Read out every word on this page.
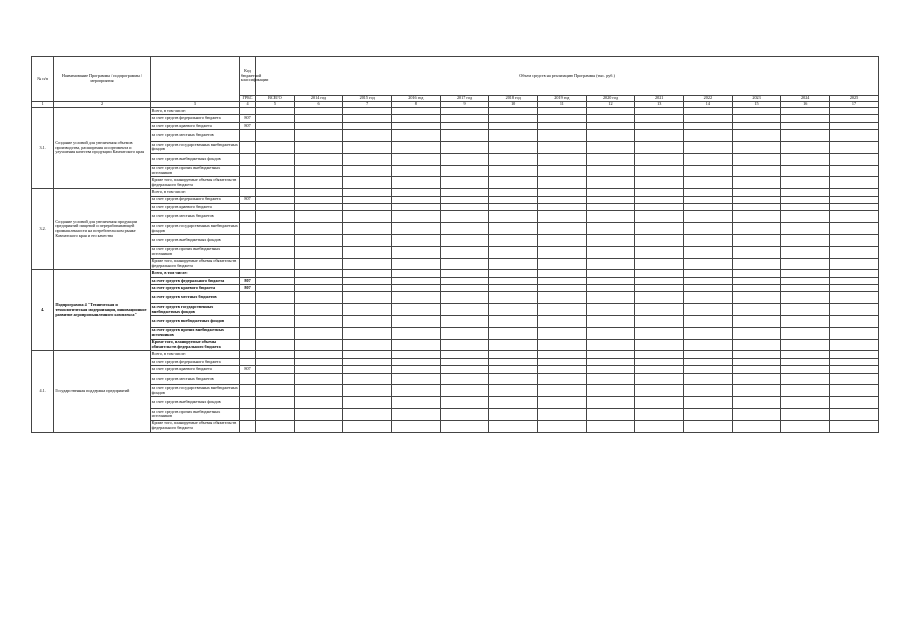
№ п/п	Наименование Программы / подпрограммы / мероприятия		Код бюджетной классификации	Объем средств на реализацию Программы (тыс. руб.)												
			ГРБС	ВСЕГО	2014 год	2015 год	2016 год	2017 год	2018 год	2019 год	2020 год	2021	2022	2023	2024	2025
1	2	3	4	5	6	7	8	9	10	11	12	13	14	15	16	17
3.1.	Создание условий для увеличения объемов производства, расширения ассортимента и улучшения качества продукции Камчатского края	Всего, в том числе:														
		за счет средств федерального бюджета	807													
		за счет средств краевого бюджета	807													
		за счет средств местных бюджетов														
		за счет средств государственных внебюджетных фондов														
		за счет средств внебюджетных фондов														
		за счет средств прочих внебюджетных источников														
		Кроме того, планируемые объемы обязательств федерального бюджета														
3.2.	Создание условий для увеличения продукции предприятий пищевой и перерабатывающей промышленности на потребительском рынке Камчатского края и его качества	Всего, в том числе:														
		за счет средств федерального бюджета	807													
		за счет средств краевого бюджета														
		за счет средств местных бюджетов														
		за счет средств государственных внебюджетных фондов														
		за счет средств внебюджетных фондов														
		за счет средств прочих внебюджетных источников														
		Кроме того, планируемые объемы обязательств федерального бюджета														
4.	Подпрограмма 4 "Техническая и технологическая модернизация, инновационное развитие агропромышленного комплекса"	Всего, в том числе:														
		за счет средств федерального бюджета	807													
		за счет средств краевого бюджета	807													
		за счет средств местных бюджетов														
		за счет средств государственных внебюджетных фондов														
		за счет средств внебюджетных фондов														
		за счет средств прочих внебюджетных источников														
		Кроме того, планируемые объемы обязательств федерального бюджета														
4.1.	Государственная поддержка предприятий	Всего, в том числе:														
		за счет средств федерального бюджета														
		за счет средств краевого бюджета	807													
		за счет средств местных бюджетов														
		за счет средств государственных внебюджетных фондов														
		за счет средств внебюджетных фондов														
		за счет средств прочих внебюджетных источников														
		Кроме того, планируемые объемы обязательств федерального бюджета														
